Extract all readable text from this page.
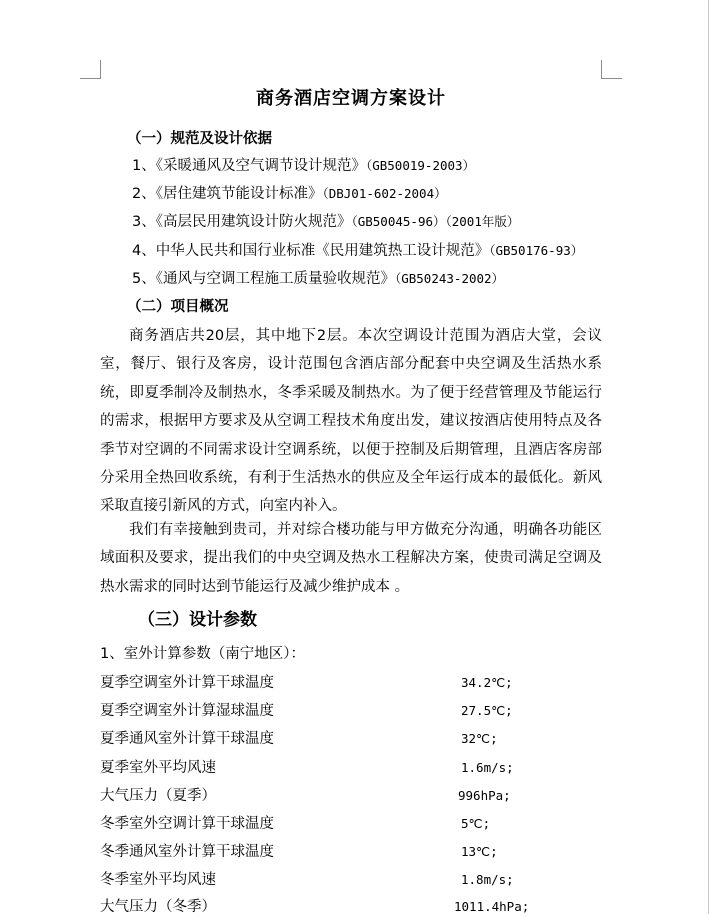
商务酒店空调方案设计
（一）规范及设计依据
1、《采暖通风及空气调节设计规范》（GB50019-2003）
2、《居住建筑节能设计标准》（DBJ01-602-2004）
3、《高层民用建筑设计防火规范》（GB50045-96）（2001年版）
4、中华人民共和国行业标准《民用建筑热工设计规范》（GB50176-93）
5、《通风与空调工程施工质量验收规范》（GB50243-2002）
（二）项目概况
商务酒店共20层，其中地下2层。本次空调设计范围为酒店大堂，会议室，餐厅、银行及客房，设计范围包含酒店部分配套中央空调及生活热水系统，即夏季制冷及制热水，冬季采暖及制热水。为了便于经营管理及节能运行的需求，根据甲方要求及从空调工程技术角度出发，建议按酒店使用特点及各季节对空调的不同需求设计空调系统，以便于控制及后期管理，且酒店客房部分采用全热回收系统，有利于生活热水的供应及全年运行成本的最低化。新风采取直接引新风的方式，向室内补入。
我们有幸接触到贵司，并对综合楼功能与甲方做充分沟通，明确各功能区域面积及要求，提出我们的中央空调及热水工程解决方案，使贵司满足空调及热水需求的同时达到节能运行及减少维护成本 。
（三）设计参数
1、室外计算参数（南宁地区）：
夏季空调室外计算干球温度	34.2℃;
夏季空调室外计算湿球温度	27.5℃;
夏季通风室外计算干球温度	32℃;
夏季室外平均风速	1.6m/s;
大气压力（夏季）	996hPa;
冬季室外空调计算干球温度	5℃;
冬季通风室外计算干球温度	13℃;
冬季室外平均风速	1.8m/s;
大气压力（冬季）	1011.4hPa;
